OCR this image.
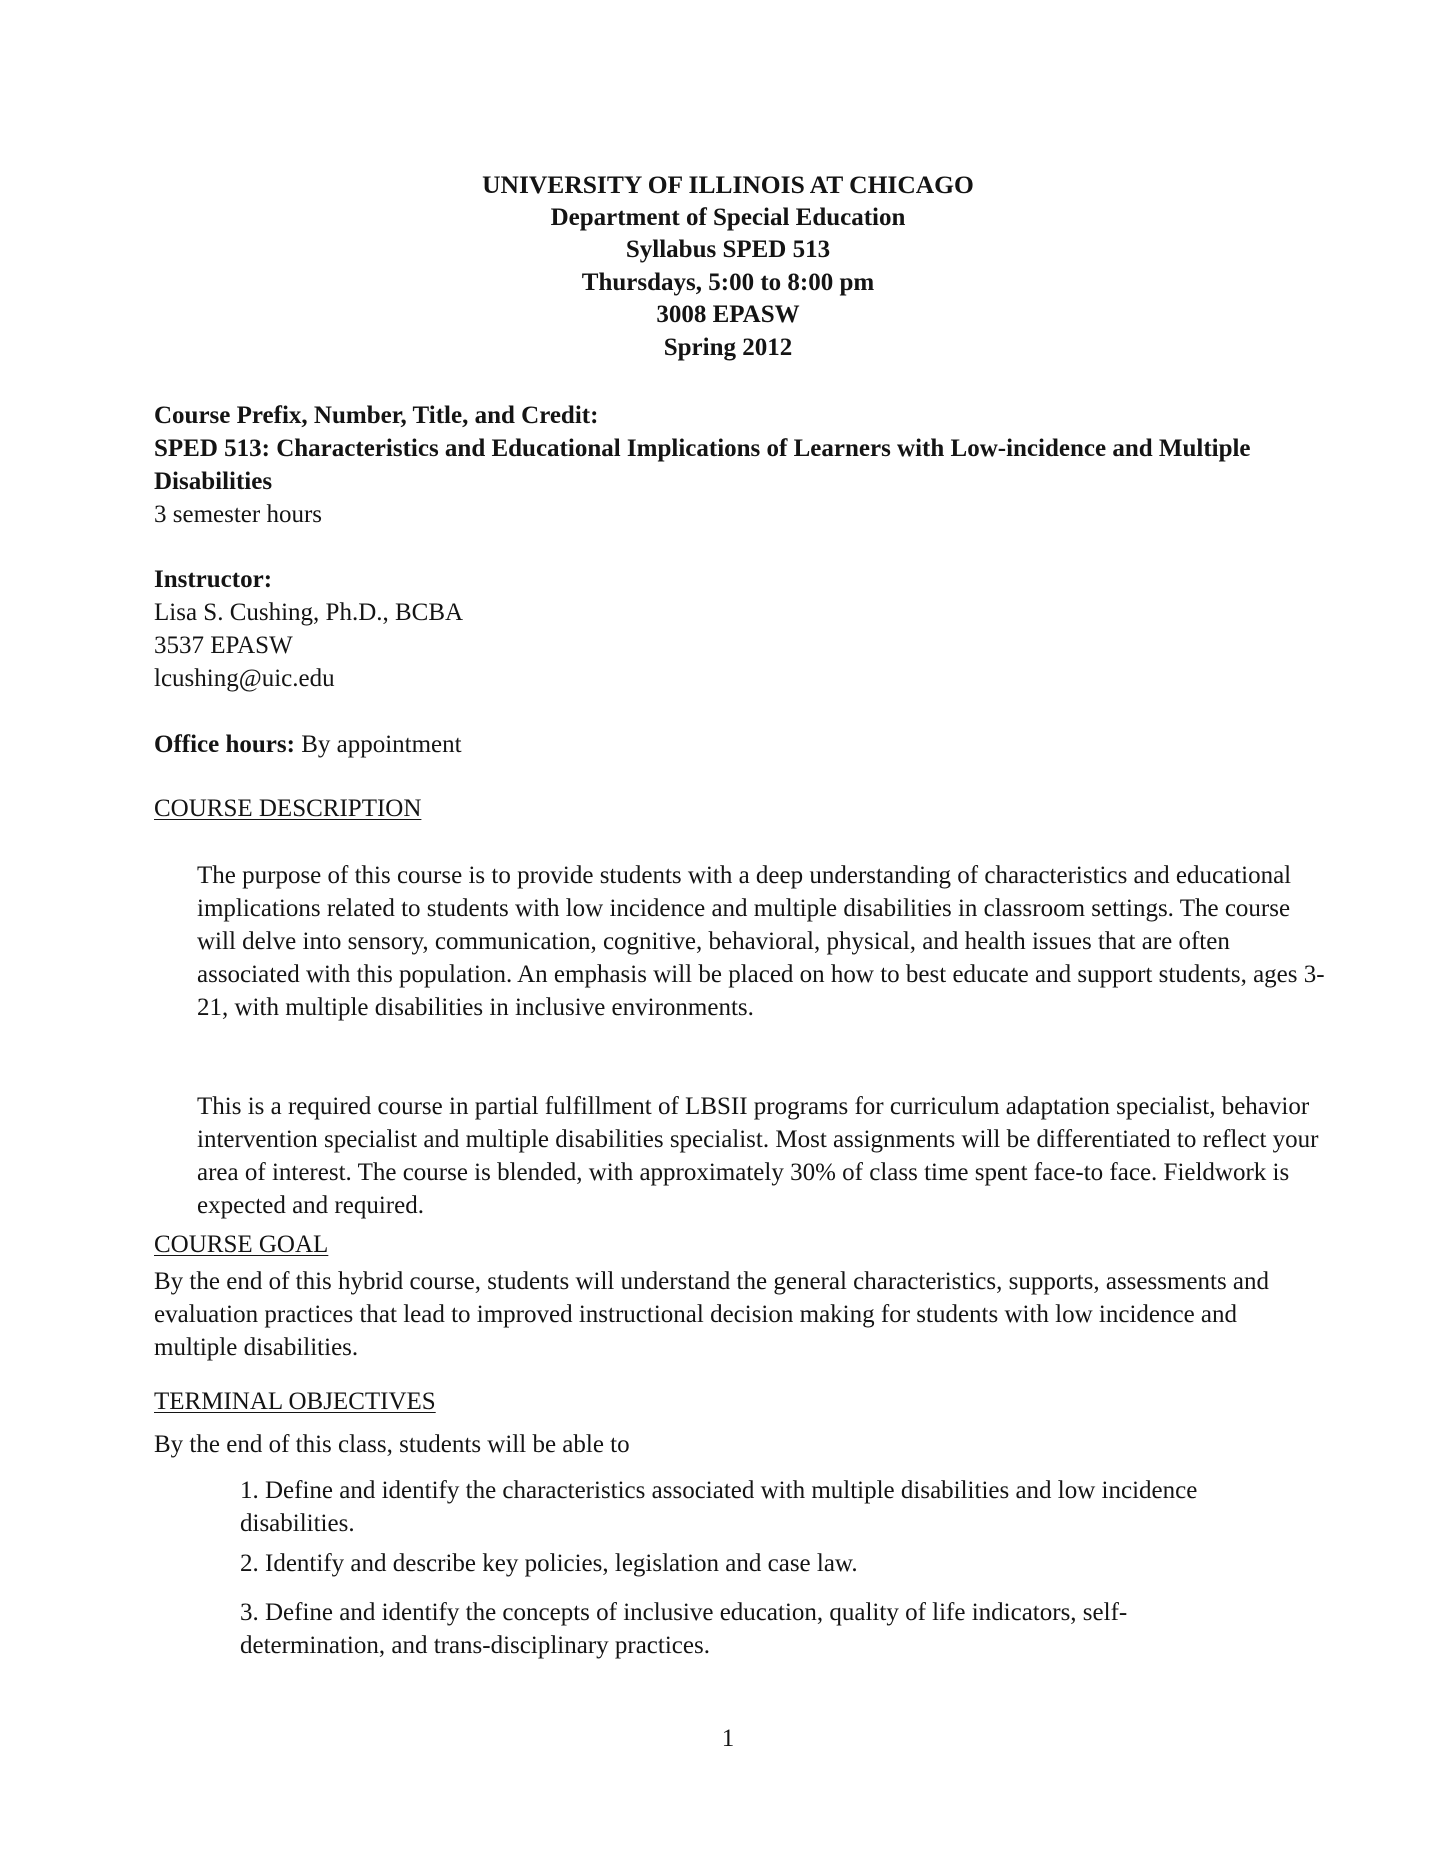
UNIVERSITY OF ILLINOIS AT CHICAGO
Department of Special Education
Syllabus SPED 513
Thursdays, 5:00 to 8:00 pm
3008 EPASW
Spring 2012

Course Prefix, Number, Title, and Credit:

SPED 513: Characteristics and Educational Implications of Learners with Low-incidence and Multiple Disabilities

3 semester hours

Instructor:

Lisa S. Cushing, Ph.D., BCBA

3537 EPASW

lcushing@uic.edu

Office hours: By appointment

COURSE DESCRIPTION

The purpose of this course is to provide students with a deep understanding of characteristics and educational implications related to students with low incidence and multiple disabilities in classroom settings. The course will delve into sensory, communication, cognitive, behavioral, physical, and health issues that are often associated with this population. An emphasis will be placed on how to best educate and support students, ages 3-21, with multiple disabilities in inclusive environments.

This is a required course in partial fulfillment of LBSII programs for curriculum adaptation specialist, behavior intervention specialist and multiple disabilities specialist. Most assignments will be differentiated to reflect your area of interest. The course is blended, with approximately 30% of class time spent face-to face. Fieldwork is expected and required.

COURSE GOAL

By the end of this hybrid course, students will understand the general characteristics, supports, assessments and evaluation practices that lead to improved instructional decision making for students with low incidence and multiple disabilities.

TERMINAL OBJECTIVES

By the end of this class, students will be able to

1. Define and identify the characteristics associated with multiple disabilities and low incidence disabilities.

2. Identify and describe key policies, legislation and case law.

3. Define and identify the concepts of inclusive education, quality of life indicators, self-determination, and trans-disciplinary practices.

1
